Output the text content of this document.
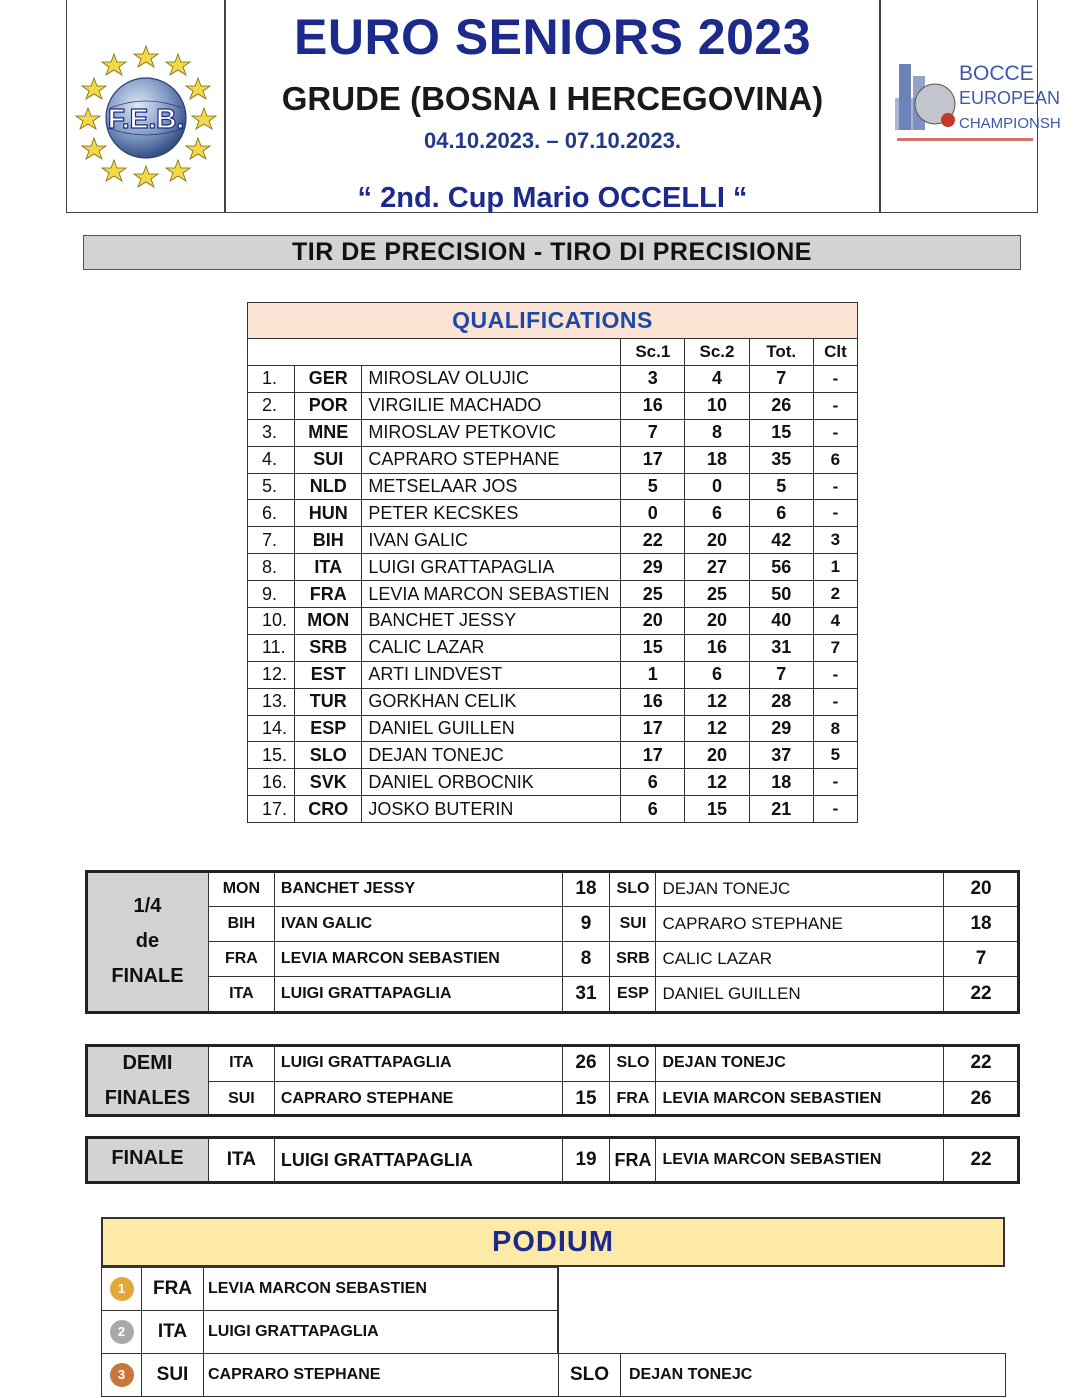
F.E.B.
EURO SENIORS 2023
GRUDE (BOSNA I HERCEGOVINA)
04.10.2023. – 07.10.2023.
“ 2nd. Cup Mario OCCELLI “
BOCCE
EUROPEAN
CHAMPIONSH
TIR DE PRECISION - TIRO DI PRECISIONE
QUALIFICATIONS						
			Sc.1	Sc.2	Tot.	Clt
1.	GER	MIROSLAV OLUJIC	3	4	7	-
2.	POR	VIRGILIE MACHADO	16	10	26	-
3.	MNE	MIROSLAV PETKOVIC	7	8	15	-
4.	SUI	CAPRARO STEPHANE	17	18	35	6
5.	NLD	METSELAAR JOS	5	0	5	-
6.	HUN	PETER KECSKES	0	6	6	-
7.	BIH	IVAN GALIC	22	20	42	3
8.	ITA	LUIGI GRATTAPAGLIA	29	27	56	1
9.	FRA	LEVIA MARCON SEBASTIEN	25	25	50	2
10.	MON	BANCHET JESSY	20	20	40	4
11.	SRB	CALIC LAZAR	15	16	31	7
12.	EST	ARTI LINDVEST	1	6	7	-
13.	TUR	GORKHAN CELIK	16	12	28	-
14.	ESP	DANIEL GUILLEN	17	12	29	8
15.	SLO	DEJAN TONEJC	17	20	37	5
16.	SVK	DANIEL ORBOCNIK	6	12	18	-
17.	CRO	JOSKO BUTERIN	6	15	21	-
1/4
de
FINALE	MON	BANCHET JESSY	18	SLO	DEJAN TONEJC	20
	BIH	IVAN GALIC	9	SUI	CAPRARO STEPHANE	18
	FRA	LEVIA MARCON SEBASTIEN	8	SRB	CALIC LAZAR	7
	ITA	LUIGI GRATTAPAGLIA	31	ESP	DANIEL GUILLEN	22
DEMI
FINALES	ITA	LUIGI GRATTAPAGLIA	26	SLO	DEJAN TONEJC	22
	SUI	CAPRARO STEPHANE	15	FRA	LEVIA MARCON SEBASTIEN	26
FINALE	ITA	LUIGI GRATTAPAGLIA	19	FRA	LEVIA MARCON SEBASTIEN	22
PODIUM
1	FRA	LEVIA MARCON SEBASTIEN		
2	ITA	LUIGI GRATTAPAGLIA		
3	SUI	CAPRARO STEPHANE	SLO	DEJAN TONEJC
